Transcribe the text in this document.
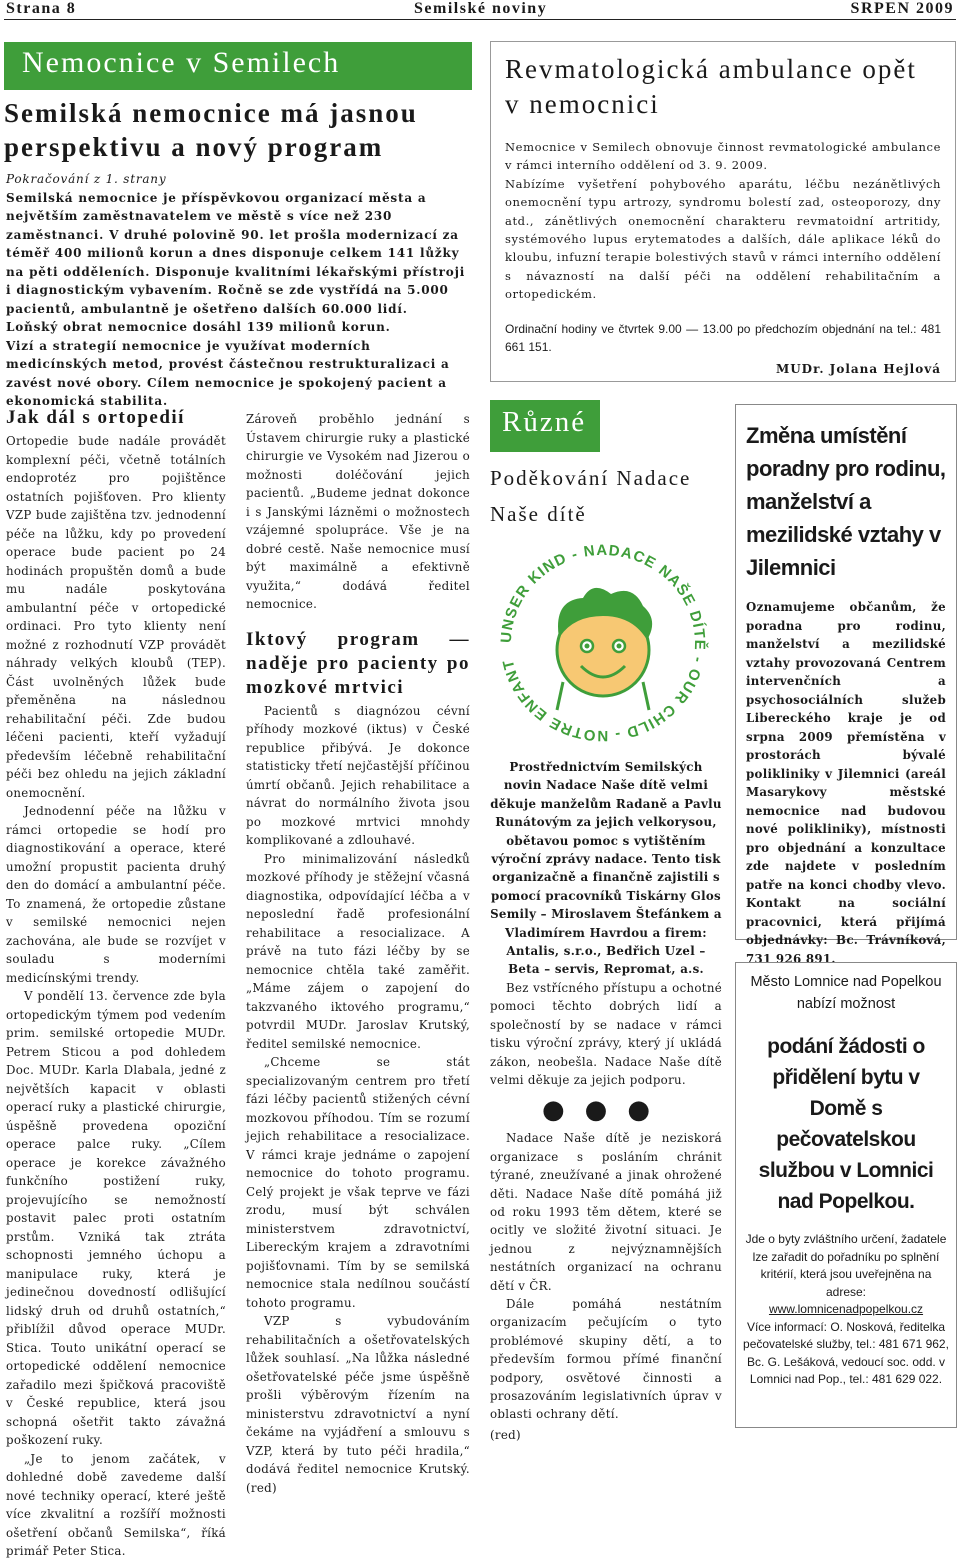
Strana 8	Semilské noviny	SRPEN 2009
Nemocnice v Semilech
Semilská nemocnice má jasnou perspektivu a nový program

Pokračování z 1. strany

Semilská nemocnice je příspěvkovou organizací města a největším zaměstnavatelem ve městě s více než 230 zaměstnanci. V druhé polovině 90. let prošla modernizací za téměř 400 milionů korun a dnes disponuje celkem 141 lůžky na pěti odděleních. Disponuje kvalitními lékařskými přístroji i diagnostickým vybavením. Ročně se zde vystřídá na 5.000 pacientů, ambulantně je ošetřeno dalších 60.000 lidí.

Loňský obrat nemocnice dosáhl 139 milionů korun.

Vizí a strategií nemocnice je využívat moderních medicínských metod, provést částečnou restrukturalizaci a zavést nové obory. Cílem nemocnice je spokojený pacient a ekonomická stabilita.

Revmatologická ambulance opět v nemocnici

Nemocnice v Semilech obnovuje činnost revmatologické ambulance v rámci interního oddělení od 3. 9. 2009.

Nabízíme vyšetření pohybového aparátu, léčbu nezánětlivých onemocnění typu artrozy, syndromu bolestí zad, osteoporozy, dny atd., zánětlivých onemocnění charakteru revmatoidní artritidy, systémového lupus erytematodes a dalších, dále aplikace léků do kloubu, infuzní terapie bolestivých stavů v rámci interního oddělení s návazností na další péči na oddělení rehabilitačním a ortopedickém.

Ordinační hodiny ve čtvrtek 9.00 — 13.00 po předchozím objednání na tel.: 481 661 151.

MUDr. Jolana Hejlová

Jak dál s ortopedií

Ortopedie bude nadále provádět komplexní péči, včetně totálních endoprotéz pro pojištěnce ostatních pojišťoven. Pro klienty VZP bude zajištěna tzv. jednodenní péče na lůžku, kdy po provedení operace bude pacient po 24 hodinách propuštěn domů a bude mu nadále poskytována ambulantní péče v ortopedické ordinaci. Pro tyto klienty není možné z rozhodnutí VZP provádět náhrady velkých kloubů (TEP). Část uvolněných lůžek bude přeměněna na následnou rehabilitační péči. Zde budou léčeni pacienti, kteří vyžadují především léčebně rehabilitační péči bez ohledu na jejich základní onemocnění.

Jednodenní péče na lůžku v rámci ortopedie se hodí pro diagnostikování a operace, které umožní propustit pacienta druhý den do domácí a ambulantní péče. To znamená, že ortopedie zůstane v semilské nemocnici nejen zachována, ale bude se rozvíjet v souladu s moderními medicínskými trendy.

V pondělí 13. července zde byla ortopedickým týmem pod vedením prim. semilské ortopedie MUDr. Petrem Sticou a pod dohledem Doc. MUDr. Karla Dlabala, jedné z největších kapacit v oblasti operací ruky a plastické chirurgie, úspěšně provedena opoziční operace palce ruky. „Cílem operace je korekce závažného funkčního postižení ruky, projevujícího se nemožností postavit palec proti ostatním prstům. Vzniká tak ztráta schopnosti jemného úchopu a manipulace ruky, která je jedinečnou dovedností odlišující lidský druh od druhů ostatních,“ přiblížil důvod operace MUDr. Stica. Touto unikátní operací se ortopedické oddělení nemocnice zařadilo mezi špičková pracoviště v České republice, která jsou schopná ošetřit takto závažná poškození ruky.

„Je to jenom začátek, v dohledné době zavedeme další nové techniky operací, které ještě více zkvalitní a rozšíří možnosti ošetření občanů Semilska“, říká primář Peter Stica.

Zároveň proběhlo jednání s Ústavem chirurgie ruky a plastické chirurgie ve Vysokém nad Jizerou o možnosti doléčování jejich pacientů. „Budeme jednat dokonce i s Janskými lázněmi o možnostech vzájemné spolupráce. Vše je na dobré cestě. Naše nemocnice musí být maximálně a efektivně využita,“ dodává ředitel nemocnice.

Iktový program — naděje pro pacienty po mozkové mrtvici

Pacientů s diagnózou cévní příhody mozkové (iktus) v České republice přibývá. Je dokonce statisticky třetí nejčastější příčinou úmrtí občanů. Jejich rehabilitace a návrat do normálního života jsou po mozkové mrtvici mnohdy komplikované a zdlouhavé.

Pro minimalizování následků mozkové příhody je stěžejní včasná diagnostika, odpovídající léčba a v neposlední řadě profesionální rehabilitace a resocializace. A právě na tuto fázi léčby by se nemocnice chtěla také zaměřit. „Máme zájem o zapojení do takzvaného iktového programu,“ potvrdil MUDr. Jaroslav Krutský, ředitel semilské nemocnice.

„Chceme se stát specializovaným centrem pro třetí fázi léčby pacientů stižených cévní mozkovou příhodou. Tím se rozumí jejich rehabilitace a resocializace. V rámci kraje jednáme o zapojení nemocnice do tohoto programu. Celý projekt je však teprve ve fázi zrodu, musí být schválen ministerstvem zdravotnictví, Libereckým krajem a zdravotními pojišťovnami. Tím by se semilská nemocnice stala nedílnou součástí tohoto programu.

VZP s vybudováním rehabilitačních a ošetřovatelských lůžek souhlasí. „Na lůžka následné ošetřovatelské péče jsme úspěšně prošli výběrovým řízením na ministerstvu zdravotnictví a nyní čekáme na vyjádření a smlouvu s VZP, která by tuto péči hradila,“ dodává ředitel nemocnice Krutský. (red)

Různé
Poděkování Nadace Naše dítě
UNSER KIND - NADACE NAŠE DÍTĚ - OUR CHILD - NOTRE ENFANT

Prostřednictvím Semilských novin Nadace Naše dítě velmi děkuje manželům Radaně a Pavlu Runátovým za jejich velkorysou, obětavou pomoc s vytištěním výroční zprávy nadace. Tento tisk organizačně a finančně zajistili s pomocí pracovníků Tiskárny Glos Semily – Miroslavem Štefánkem a Vladimírem Havrdou a firem: Antalis, s.r.o., Bedřich Uzel – Beta – servis, Repromat, a.s.

Bez vstřícného přístupu a ochotné pomoci těchto dobrých lidí a společností by se nadace v rámci tisku výroční zprávy, který jí ukládá zákon, neobešla. Nadace Naše dítě velmi děkuje za jejich podporu.

●●●

Nadace Naše dítě je neziskorá organizace s posláním chránit týrané, zneužívané a jinak ohrožené děti. Nadace Naše dítě pomáhá již od roku 1993 těm dětem, které se ocitly ve složité životní situaci. Je jednou z nejvýznamnějších nestátních organizací na ochranu dětí v ČR.

Dále pomáhá nestátním organizacím pečujícím o tyto problémové skupiny dětí, a to především formou přímé finanční podpory, osvětové činnosti a prosazováním legislativních úprav v oblasti ochrany dětí.

(red)

Změna umístění poradny pro rodinu, manželství a mezilidské vztahy v Jilemnici

Oznamujeme občanům, že poradna pro rodinu, manželství a mezilidské vztahy provozovaná Centrem intervenčních a psychosociálních služeb Libereckého kraje je od srpna 2009 přemístěna v prostorách bývalé polikliniky v Jilemnici (areál Masarykovy městské nemocnice nad budovou nové polikliniky), místnosti pro objednání a konzultace zde najdete v posledním patře na konci chodby vlevo. Kontakt na sociální pracovnici, která přijímá objednávky: Bc. Trávníková, 731 926 891.

Město Lomnice nad Popelkou nabízí možnost
podání žádosti o přidělení bytu v Domě s pečovatelskou službou v Lomnici nad Popelkou.
Jde o byty zvláštního určení, žadatele lze zařadit do pořadníku po splnění kritérií, která jsou uveřejněna na adrese:
www.lomnicenadpopelkou.cz
Více informací: O. Nosková, ředitelka pečovatelské služby, tel.: 481 671 962, Bc. G. Lešáková, vedoucí soc. odd. v Lomnici nad Pop., tel.: 481 629 022.
